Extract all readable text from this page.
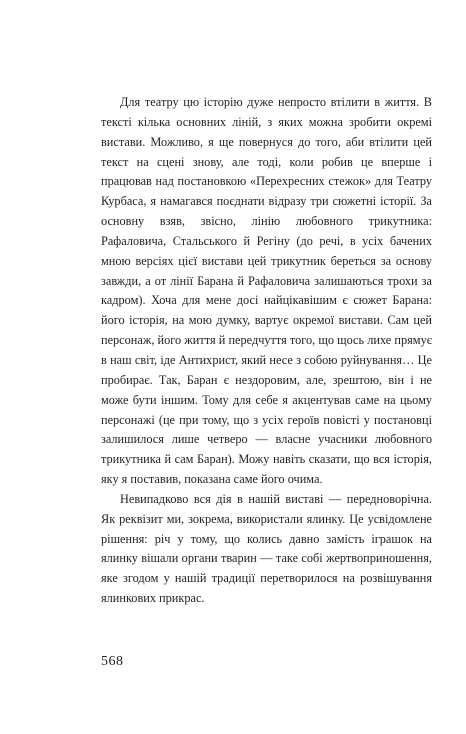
Для театру цю історію дуже непросто втілити в життя. В тексті кілька основних ліній, з яких можна зробити окремі вистави. Можливо, я ще повернуся до того, аби втілити цей текст на сцені знову, але тоді, коли робив це вперше і працював над постановкою «Перехресних стежок» для Театру Курбаса, я намагався поєднати відразу три сюжетні історії. За основну взяв, звісно, лінію любовного трикутника: Рафаловича, Стальського й Регіну (до речі, в усіх бачених мною версіях цієї вистави цей трикутник береться за основу завжди, а от лінії Барана й Рафаловича залишаються трохи за кадром). Хоча для мене досі найцікавішим є сюжет Барана: його історія, на мою думку, вартує окремої вистави. Сам цей персонаж, його життя й передчуття того, що щось лихе прямує в наш світ, іде Антихрист, який несе з собою руйнування… Це пробирає. Так, Баран є нездоровим, але, зрештою, він і не може бути іншим. Тому для себе я акцентував саме на цьому персонажі (це при тому, що з усіх героїв повісті у постановці залишилося лише четверо — власне учасники любовного трикутника й сам Баран). Можу навіть сказати, що вся історія, яку я поставив, показана саме його очима.

Невипадково вся дія в нашій виставі — передноворічна. Як реквізит ми, зокрема, використали ялинку. Це усвідомлене рішення: річ у тому, що колись давно замість іграшок на ялинку вішали органи тварин — таке собі жертвоприношення, яке згодом у нашій традиції перетворилося на розвішування ялинкових прикрас.

568
